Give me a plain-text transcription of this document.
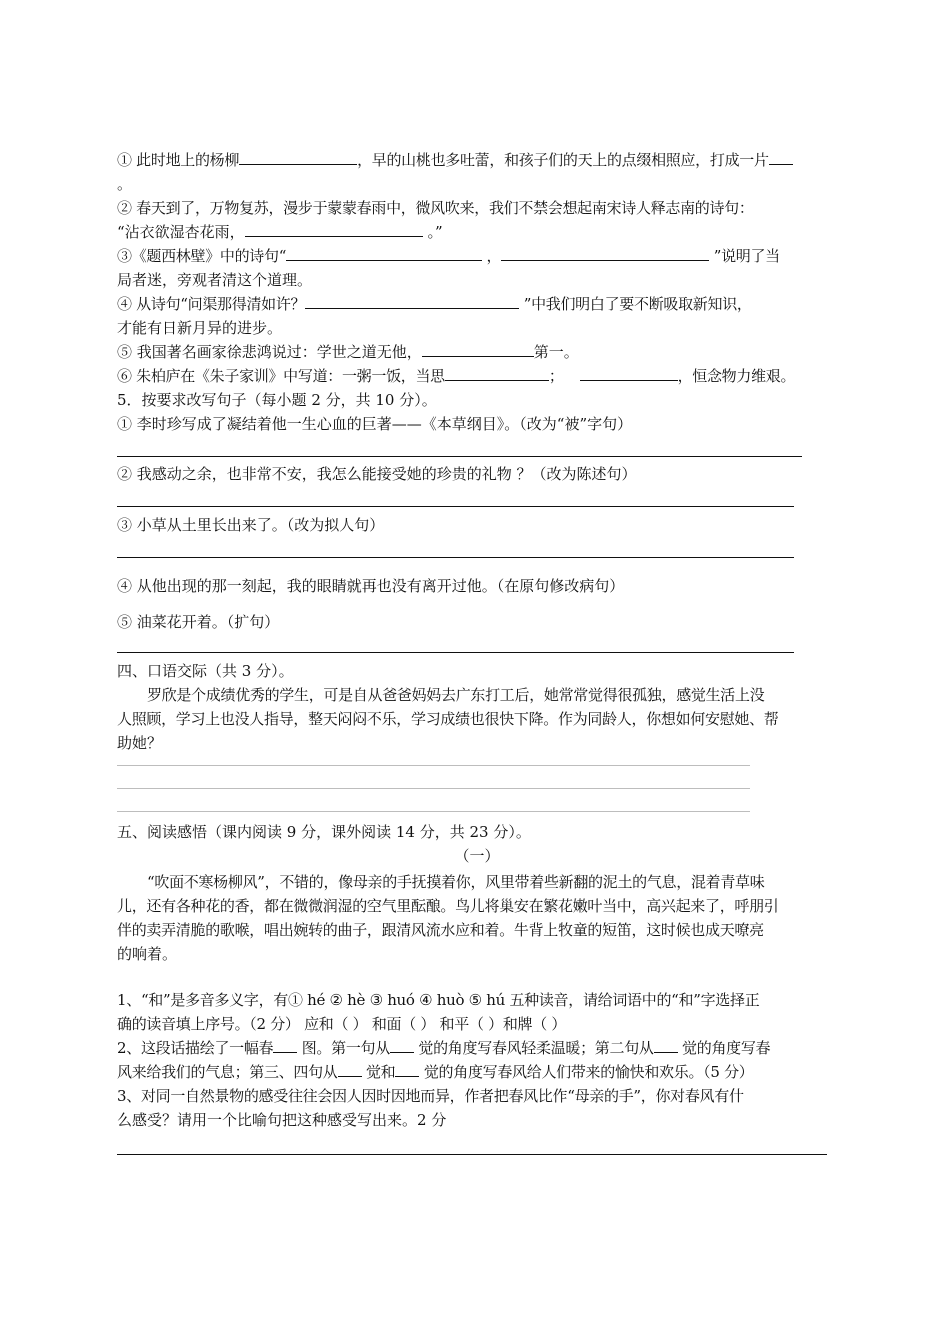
① 此时地上的杨柳	，早的山桃也多吐蕾，和孩子们的天上的点缀相照应，打成一片
。
② 春天到了，万物复苏，漫步于蒙蒙春雨中，微风吹来，我们不禁会想起南宋诗人释志南的诗句：
“沾衣欲湿杏花雨，	。”
③《题西林壁》中的诗句“	，	”说明了当
局者迷，旁观者清这个道理。
④ 从诗句“问渠那得清如许？	”中我们明白了要不断吸取新知识，
才能有日新月异的进步。
⑤ 我国著名画家徐悲鸿说过：学世之道无他，	第一。
⑥ 朱柏庐在《朱子家训》中写道：一粥一饭，当思	；	，恒念物力维艰。
5．按要求改写句子（每小题 2 分，共 10 分）。
① 李时珍写成了凝结着他一生心血的巨著——《本草纲目》。（改为“被”字句）
② 我感动之余，也非常不安，我怎么能接受她的珍贵的礼物 ？（改为陈述句）
③ 小草从土里长出来了。（改为拟人句）
④ 从他出现的那一刻起，我的眼睛就再也没有离开过他。（在原句修改病句）
⑤ 油菜花开着。（扩句）
四、口语交际（共 3 分）。
罗欣是个成绩优秀的学生，可是自从爸爸妈妈去广东打工后，她常常觉得很孤独，感觉生活上没
人照顾，学习上也没人指导，整天闷闷不乐，学习成绩也很快下降。作为同龄人，你想如何安慰她、帮
助她？
五、阅读感悟（课内阅读 9 分，课外阅读 14 分，共 23 分）。
（一）
“吹面不寒杨柳风”，不错的，像母亲的手抚摸着你，风里带着些新翻的泥土的气息，混着青草味
儿，还有各种花的香，都在微微润湿的空气里酝酿。鸟儿将巢安在繁花嫩叶当中，高兴起来了，呼朋引
伴的卖弄清脆的歌喉，唱出婉转的曲子，跟清风流水应和着。牛背上牧童的短笛，这时候也成天嘹亮
的响着。
1、“和”是多音多义字，有① hé ② hè ③ huó ④ huò ⑤ hú 五种读音，请给词语中的“和”字选择正
确的读音填上序号。（2 分） 应和（ ） 和面（ ） 和平（ ）和牌（ ）
2、这段话描绘了一幅春 图。第一句从 觉的角度写春风轻柔温暖；第二句从 觉的角度写春
风来给我们的气息；第三、四句从 觉和 觉的角度写春风给人们带来的愉快和欢乐。（5 分）
3、对同一自然景物的感受往往会因人因时因地而异，作者把春风比作“母亲的手”，你对春风有什
么感受？请用一个比喻句把这种感受写出来。2 分
